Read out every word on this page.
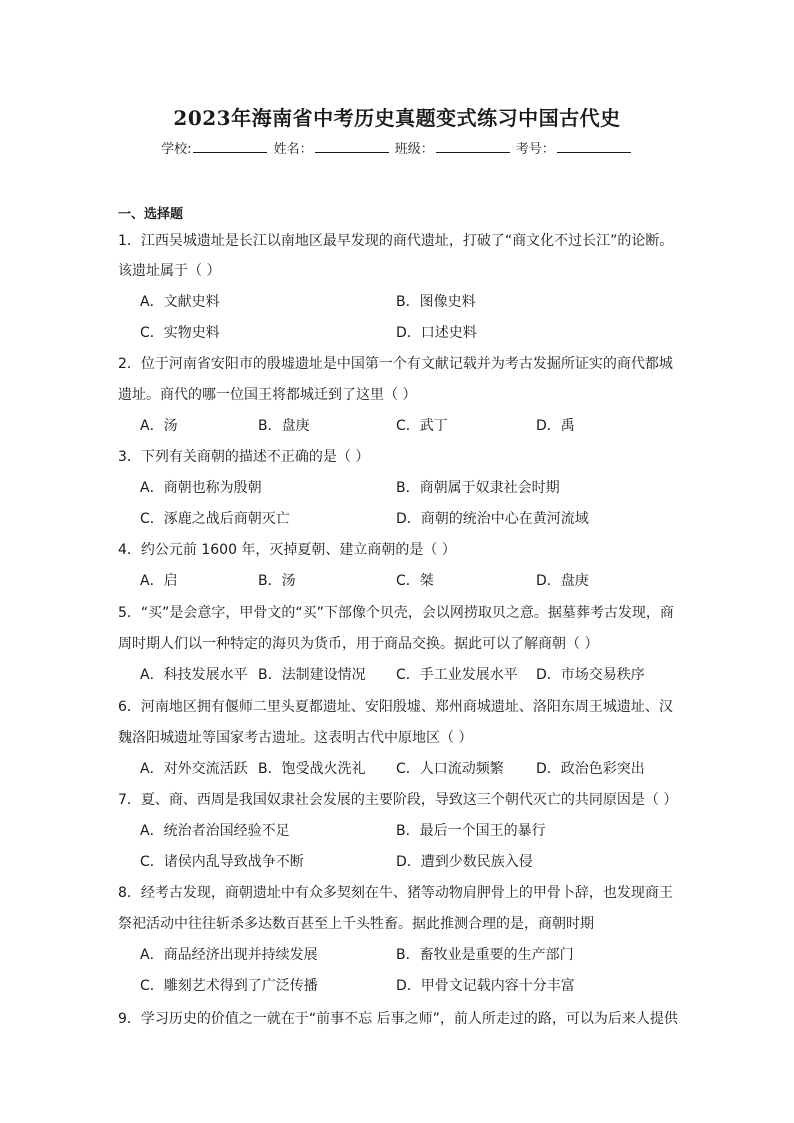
2023年海南省中考历史真题变式练习中国古代史
学校:	姓名：	班级：	考号：
一、选择题
1．江西吴城遗址是长江以南地区最早发现的商代遗址，打破了“商文化不过长江”的论断。
该遗址属于（ ）
A．文献史料	B．图像史料
C．实物史料	D．口述史料
2．位于河南省安阳市的殷墟遗址是中国第一个有文献记载并为考古发掘所证实的商代都城
遗址。商代的哪一位国王将都城迁到了这里（ ）
A．汤	B．盘庚	C．武丁	D．禹
3．下列有关商朝的描述不正确的是（ ）
A．商朝也称为殷朝	B．商朝属于奴隶社会时期
C．涿鹿之战后商朝灭亡	D．商朝的统治中心在黄河流域
4．约公元前 1600 年，灭掉夏朝、建立商朝的是（ ）
A．启	B．汤	C．桀	D．盘庚
5．“买”是会意字，甲骨文的“买”下部像个贝壳，会以网捞取贝之意。据墓葬考古发现，商
周时期人们以一种特定的海贝为货币，用于商品交换。据此可以了解商朝（ ）
A．科技发展水平 B．法制建设情况 C．手工业发展水平 D．市场交易秩序
6．河南地区拥有偃师二里头夏都遗址、安阳殷墟、郑州商城遗址、洛阳东周王城遗址、汉
魏洛阳城遗址等国家考古遗址。这表明古代中原地区（ ）
A．对外交流活跃 B．饱受战火洗礼 C．人口流动频繁 D．政治色彩突出
7．夏、商、西周是我国奴隶社会发展的主要阶段，导致这三个朝代灭亡的共同原因是（ ）
A．统治者治国经验不足	B．最后一个国王的暴行
C．诸侯内乱导致战争不断	D．遭到少数民族入侵
8．经考古发现，商朝遗址中有众多契刻在牛、猪等动物肩胛骨上的甲骨卜辞，也发现商王
祭祀活动中往往斩杀多达数百甚至上千头牲畜。据此推测合理的是，商朝时期
A．商品经济出现并持续发展	B．畜牧业是重要的生产部门
C．雕刻艺术得到了广泛传播	D．甲骨文记载内容十分丰富
9．学习历史的价值之一就在于“前事不忘 后事之师”，前人所走过的路，可以为后来人提供
